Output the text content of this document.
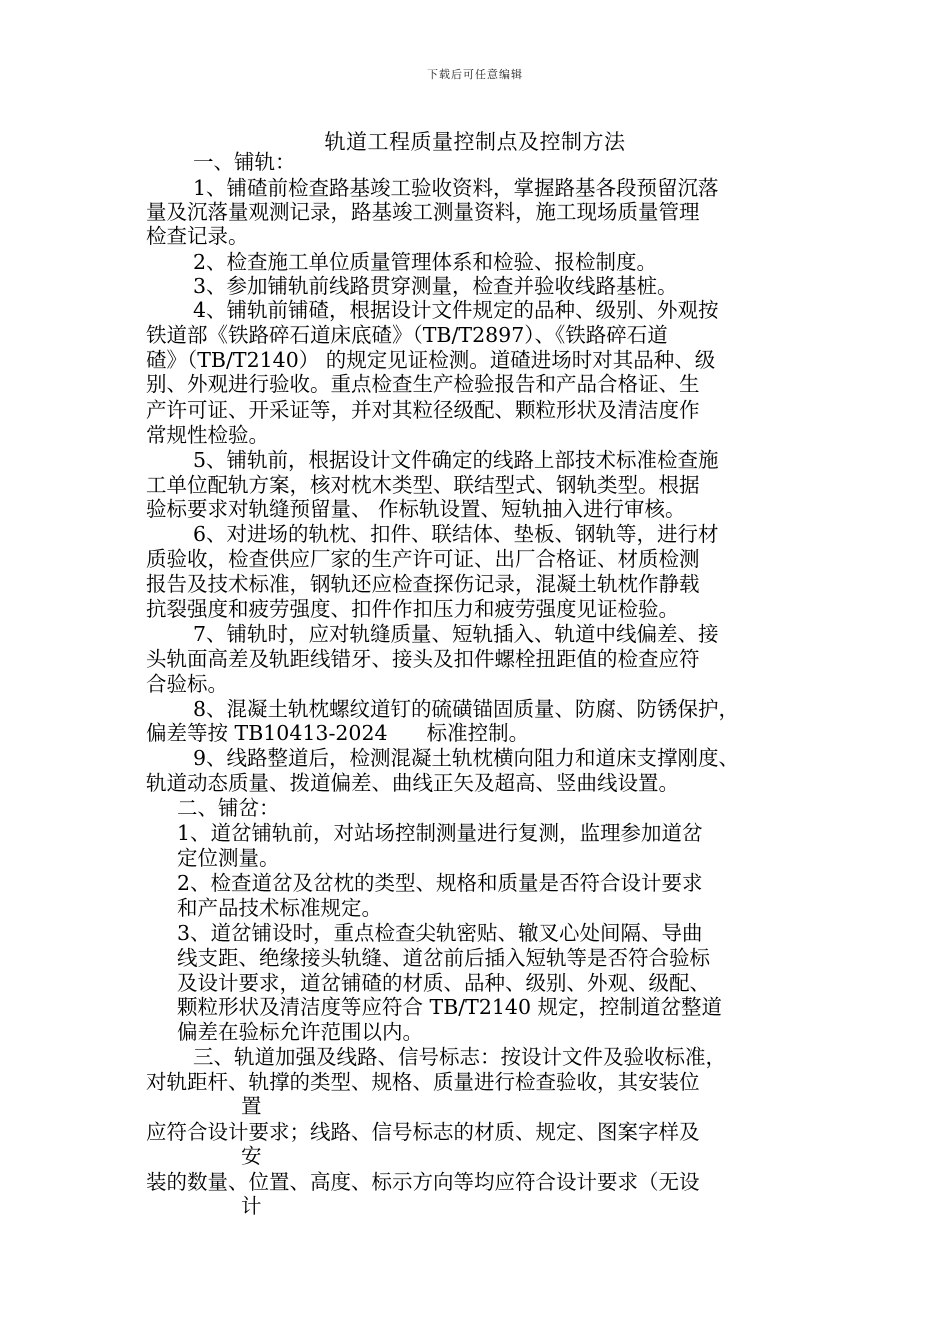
下载后可任意编辑
轨道工程质量控制点及控制方法
一、铺轨：
1、铺碴前检查路基竣工验收资料，掌握路基各段预留沉落
量及沉落量观测记录，路基竣工测量资料，施工现场质量管理
检查记录。
2、检查施工单位质量管理体系和检验、报检制度。
3、参加铺轨前线路贯穿测量，检查并验收线路基桩。
4、铺轨前铺碴，根据设计文件规定的品种、级别、外观按
铁道部《铁路碎石道床底碴》（TB/T2897）、《铁路碎石道
碴》（TB/T2140） 的规定见证检测。道碴进场时对其品种、级
别、外观进行验收。重点检查生产检验报告和产品合格证、生
产许可证、开采证等，并对其粒径级配、颗粒形状及清洁度作
常规性检验。
5、铺轨前，根据设计文件确定的线路上部技术标准检查施
工单位配轨方案，核对枕木类型、联结型式、钢轨类型。根据
验标要求对轨缝预留量、 作标轨设置、短轨抽入进行审核。
6、对进场的轨枕、扣件、联结体、垫板、钢轨等，进行材
质验收，检查供应厂家的生产许可证、出厂合格证、材质检测
报告及技术标准，钢轨还应检查探伤记录，混凝土轨枕作静载
抗裂强度和疲劳强度、扣件作扣压力和疲劳强度见证检验。
7、铺轨时，应对轨缝质量、短轨插入、轨道中线偏差、接
头轨面高差及轨距线错牙、接头及扣件螺栓扭距值的检查应符
合验标。
8、混凝土轨枕螺纹道钉的硫磺锚固质量、防腐、防锈保护，
偏差等按 TB10413-2024      标准控制。
9、线路整道后，检测混凝土轨枕横向阻力和道床支撑刚度、
轨道动态质量、拨道偏差、曲线正矢及超高、竖曲线设置。
二、铺岔：
1、道岔铺轨前，对站场控制测量进行复测，监理参加道岔
定位测量。
2、检查道岔及岔枕的类型、规格和质量是否符合设计要求
和产品技术标准规定。
3、道岔铺设时，重点检查尖轨密贴、辙叉心处间隔、导曲
线支距、绝缘接头轨缝、道岔前后插入短轨等是否符合验标
及设计要求，道岔铺碴的材质、品种、级别、外观、级配、
颗粒形状及清洁度等应符合 TB/T2140 规定，控制道岔整道
偏差在验标允许范围以内。
三、轨道加强及线路、信号标志：按设计文件及验收标准，
对轨距杆、轨撑的类型、规格、质量进行检查验收，其安装位
置
应符合设计要求；线路、信号标志的材质、规定、图案字样及
安
装的数量、位置、高度、标示方向等均应符合设计要求（无设
计
